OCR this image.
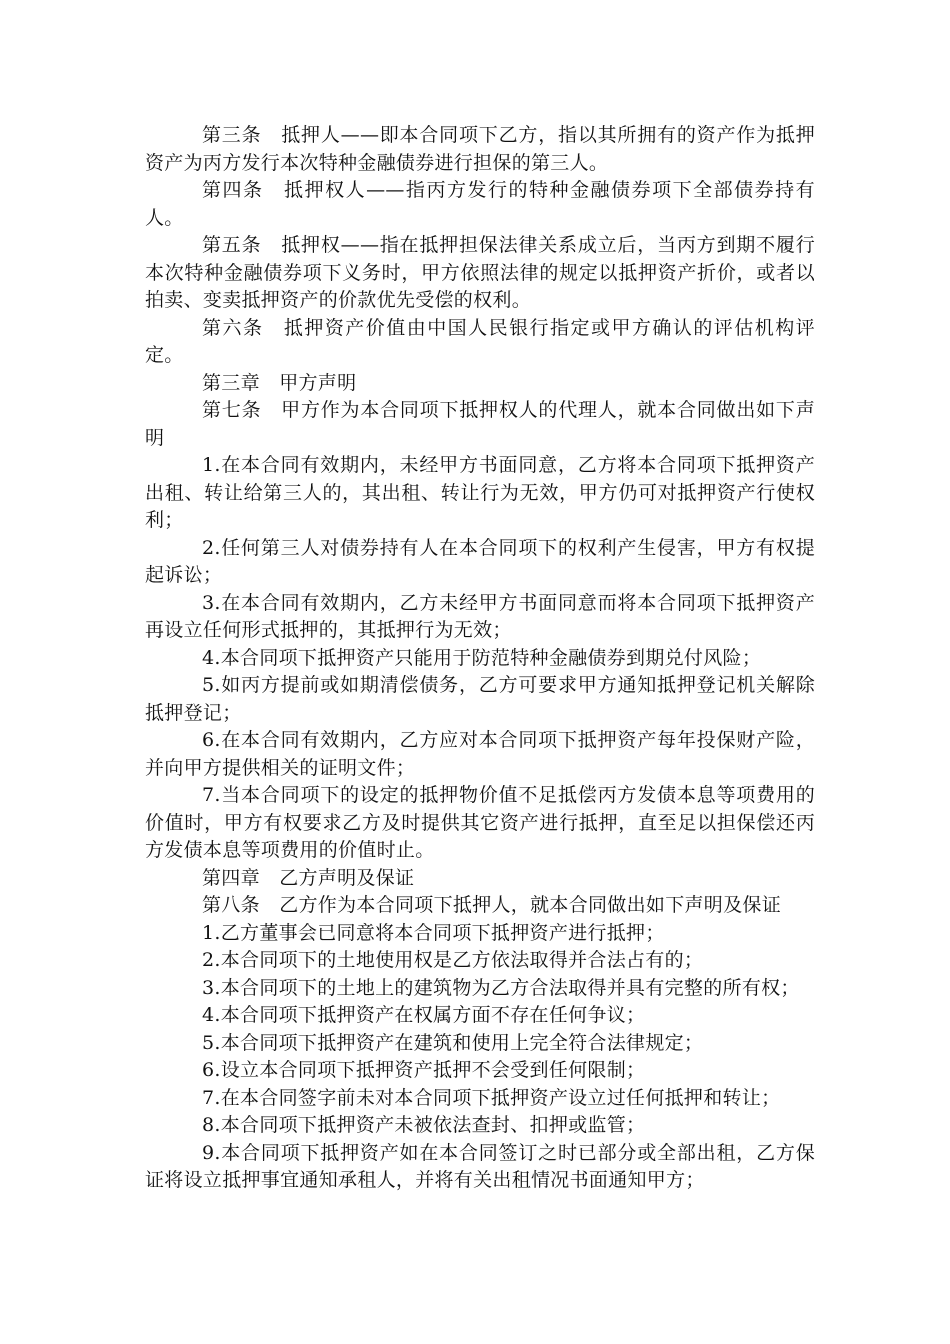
第三条　抵押人——即本合同项下乙方，指以其所拥有的资产作为抵押资产为丙方发行本次特种金融债券进行担保的第三人。

第四条　抵押权人——指丙方发行的特种金融债券项下全部债券持有人。

第五条　抵押权——指在抵押担保法律关系成立后，当丙方到期不履行本次特种金融债券项下义务时，甲方依照法律的规定以抵押资产折价，或者以拍卖、变卖抵押资产的价款优先受偿的权利。

第六条　抵押资产价值由中国人民银行指定或甲方确认的评估机构评定。

第三章　甲方声明

第七条　甲方作为本合同项下抵押权人的代理人，就本合同做出如下声明

1.在本合同有效期内，未经甲方书面同意，乙方将本合同项下抵押资产出租、转让给第三人的，其出租、转让行为无效，甲方仍可对抵押资产行使权利；

2.任何第三人对债券持有人在本合同项下的权利产生侵害，甲方有权提起诉讼；

3.在本合同有效期内，乙方未经甲方书面同意而将本合同项下抵押资产再设立任何形式抵押的，其抵押行为无效；

4.本合同项下抵押资产只能用于防范特种金融债券到期兑付风险；

5.如丙方提前或如期清偿债务，乙方可要求甲方通知抵押登记机关解除抵押登记；

6.在本合同有效期内，乙方应对本合同项下抵押资产每年投保财产险，并向甲方提供相关的证明文件；

7.当本合同项下的设定的抵押物价值不足抵偿丙方发债本息等项费用的价值时，甲方有权要求乙方及时提供其它资产进行抵押，直至足以担保偿还丙方发债本息等项费用的价值时止。

第四章　乙方声明及保证

第八条　乙方作为本合同项下抵押人，就本合同做出如下声明及保证

1.乙方董事会已同意将本合同项下抵押资产进行抵押；

2.本合同项下的土地使用权是乙方依法取得并合法占有的；

3.本合同项下的土地上的建筑物为乙方合法取得并具有完整的所有权；

4.本合同项下抵押资产在权属方面不存在任何争议；

5.本合同项下抵押资产在建筑和使用上完全符合法律规定；

6.设立本合同项下抵押资产抵押不会受到任何限制；

7.在本合同签字前未对本合同项下抵押资产设立过任何抵押和转让；

8.本合同项下抵押资产未被依法查封、扣押或监管；

9.本合同项下抵押资产如在本合同签订之时已部分或全部出租，乙方保证将设立抵押事宜通知承租人，并将有关出租情况书面通知甲方；
